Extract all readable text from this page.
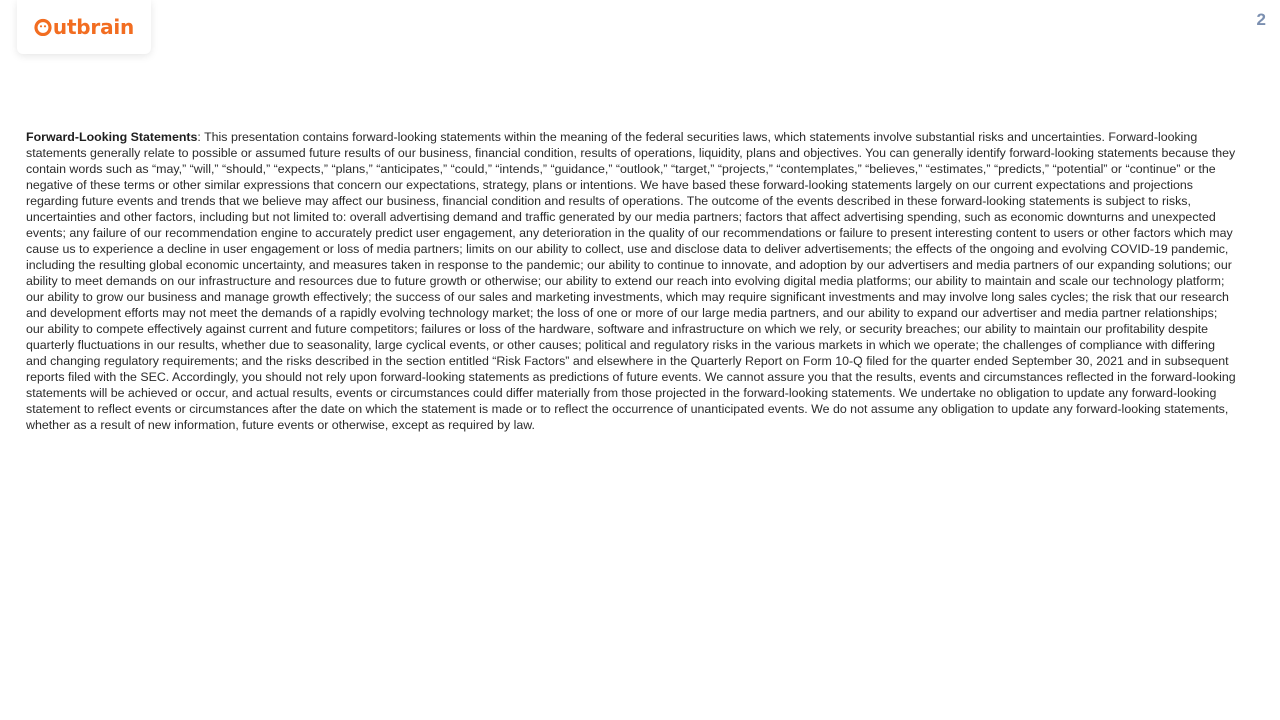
utbrain	2

Forward-Looking Statements: This presentation contains forward-looking statements within the meaning of the federal securities laws, which statements involve substantial risks and uncertainties. Forward-looking statements generally relate to possible or assumed future results of our business, financial condition, results of operations, liquidity, plans and objectives. You can generally identify forward-looking statements because they contain words such as “may,” “will,” “should,” “expects,” “plans,” “anticipates,” “could,” “intends,” “guidance,” “outlook,” “target,” “projects,” “contemplates,” “believes,” “estimates,” “predicts,” “potential” or “continue” or the negative of these terms or other similar expressions that concern our expectations, strategy, plans or intentions. We have based these forward-looking statements largely on our current expectations and projections regarding future events and trends that we believe may affect our business, financial condition and results of operations. The outcome of the events described in these forward-looking statements is subject to risks, uncertainties and other factors, including but not limited to: overall advertising demand and traffic generated by our media partners; factors that affect advertising spending, such as economic downturns and unexpected events; any failure of our recommendation engine to accurately predict user engagement, any deterioration in the quality of our recommendations or failure to present interesting content to users or other factors which may cause us to experience a decline in user engagement or loss of media partners; limits on our ability to collect, use and disclose data to deliver advertisements; the effects of the ongoing and evolving COVID-19 pandemic, including the resulting global economic uncertainty, and measures taken in response to the pandemic; our ability to continue to innovate, and adoption by our advertisers and media partners of our expanding solutions; our ability to meet demands on our infrastructure and resources due to future growth or otherwise; our ability to extend our reach into evolving digital media platforms; our ability to maintain and scale our technology platform; our ability to grow our business and manage growth effectively; the success of our sales and marketing investments, which may require significant investments and may involve long sales cycles; the risk that our research and development efforts may not meet the demands of a rapidly evolving technology market; the loss of one or more of our large media partners, and our ability to expand our advertiser and media partner relationships; our ability to compete effectively against current and future competitors; failures or loss of the hardware, software and infrastructure on which we rely, or security breaches; our ability to maintain our profitability despite quarterly fluctuations in our results, whether due to seasonality, large cyclical events, or other causes; political and regulatory risks in the various markets in which we operate; the challenges of compliance with differing and changing regulatory requirements; and the risks described in the section entitled “Risk Factors” and elsewhere in the Quarterly Report on Form 10-Q filed for the quarter ended September 30, 2021 and in subsequent reports filed with the SEC. Accordingly, you should not rely upon forward-looking statements as predictions of future events. We cannot assure you that the results, events and circumstances reflected in the forward-looking statements will be achieved or occur, and actual results, events or circumstances could differ materially from those projected in the forward-looking statements. We undertake no obligation to update any forward-looking statement to reflect events or circumstances after the date on which the statement is made or to reflect the occurrence of unanticipated events. We do not assume any obligation to update any forward-looking statements, whether as a result of new information, future events or otherwise, except as required by law.
